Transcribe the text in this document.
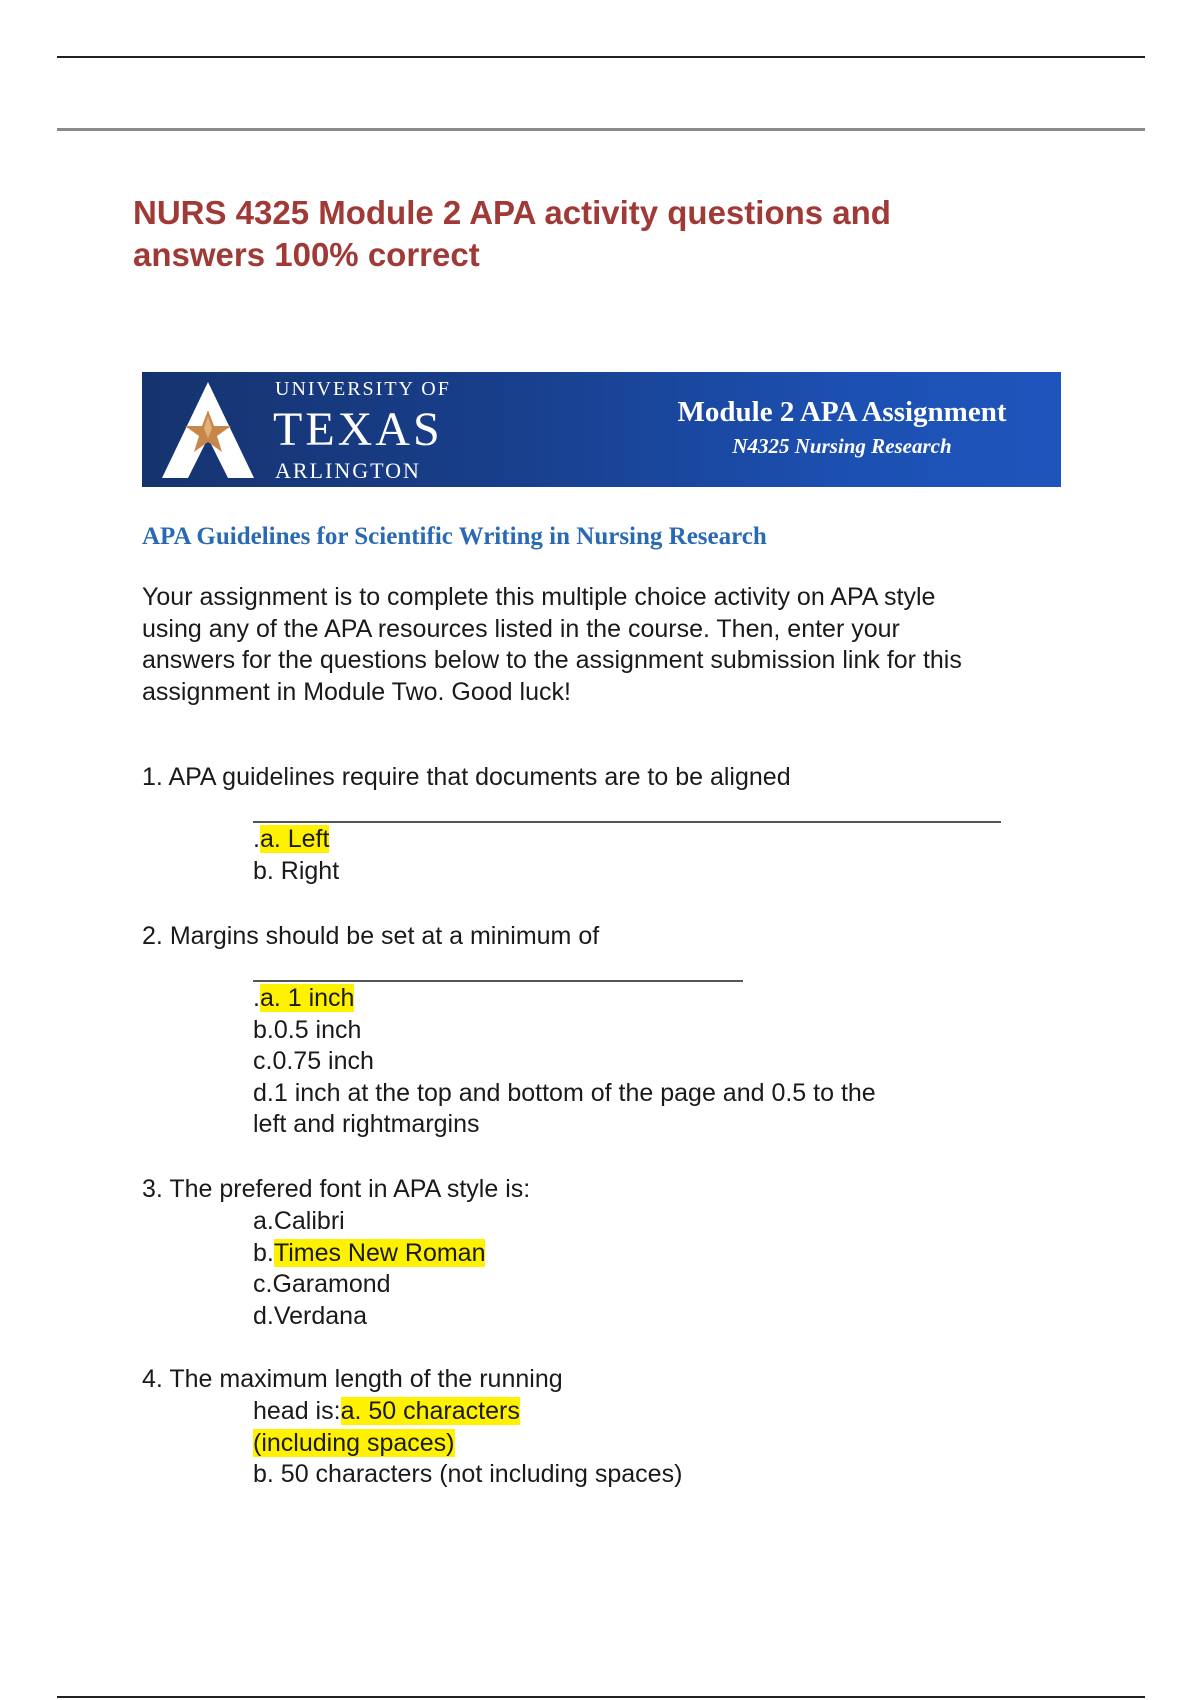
NURS 4325 Module 2 APA activity questions and
answers 100% correct
UNIVERSITY OF
TEXAS
ARLINGTON
Module 2 APA Assignment
N4325 Nursing Research
APA Guidelines for Scientific Writing in Nursing Research

Your assignment is to complete this multiple choice activity on APA style
using any of the APA resources listed in the course. Then, enter your
answers for the questions below to the assignment submission link for this
assignment in Module Two. Good luck!

1. APA guidelines require that documents are to be aligned

.a. Left
b. Right

2. Margins should be set at a minimum of

.a. 1 inch
b.0.5 inch
c.0.75 inch
d.1 inch at the top and bottom of the page and 0.5 to the
left and rightmargins

3. The prefered font in APA style is:

a.Calibri
b.Times New Roman
c.Garamond
d.Verdana

4. The maximum length of the running

head is:a. 50 characters
(including spaces)
b. 50 characters (not including spaces)
